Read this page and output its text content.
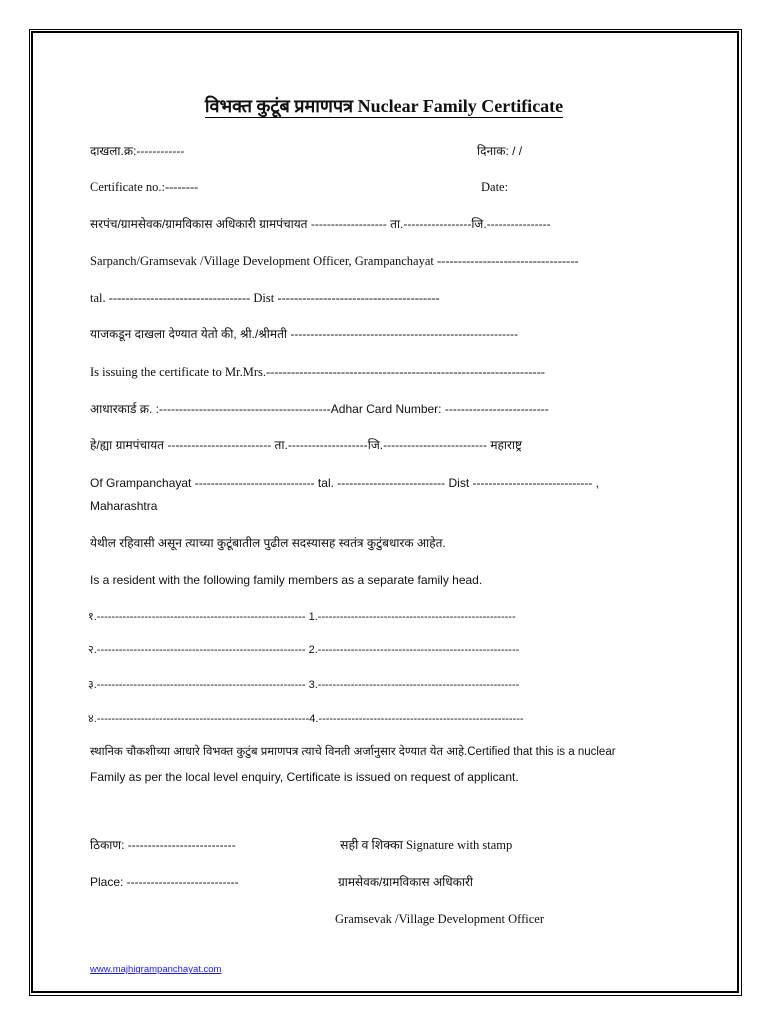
विभक्त कुटूंब प्रमाणपत्र Nuclear Family Certificate
दाखला.क्र:------------	दिनाक: / /
Certificate no.:--------	Date:
सरपंच/ग्रामसेवक/ग्रामविकास अधिकारी ग्रामपंचायत ------------------- ता.-----------------जि.----------------
Sarpanch/Gramsevak /Village Development Officer, Grampanchayat ----------------------------------
tal. ---------------------------------- Dist ---------------------------------------
याजकडून दाखला देण्यात येतो की, श्री./श्रीमती ---------------------------------------------------------
Is issuing the certificate to Mr.Mrs.-------------------------------------------------------------------
आधारकार्ड क्र. :-------------------------------------------Adhar Card Number: --------------------------
हे/ह्या ग्रामपंचायत -------------------------- ता.--------------------जि.-------------------------- महाराष्ट्र
Of Grampanchayat ------------------------------ tal. --------------------------- Dist ------------------------------ ,
Maharashtra
येथील रहिवासी असून त्याच्या कुटूंबातील पुढील सदस्यासह स्वतंत्र कुटुंबधारक आहेत.
Is a resident with the following family members as a separate family head.
१.--------------------------------------------------------- 1.------------------------------------------------------
२.--------------------------------------------------------- 2.-------------------------------------------------------
३.--------------------------------------------------------- 3.-------------------------------------------------------
४.----------------------------------------------------------4.--------------------------------------------------------
स्थानिक चौकशीच्या आधारे विभक्त कुटुंब प्रमाणपत्र त्याचे विनती अर्जानुसार देण्यात येत आहे.Certified that this is a nuclear
Family as per the local level enquiry, Certificate is issued on request of applicant.
ठिकाण: ---------------------------	सही व शिक्का Signature with stamp
Place: ----------------------------	ग्रामसेवक/ग्रामविकास अधिकारी
Gramsevak /Village Development Officer
www.majhigrampanchayat.com
